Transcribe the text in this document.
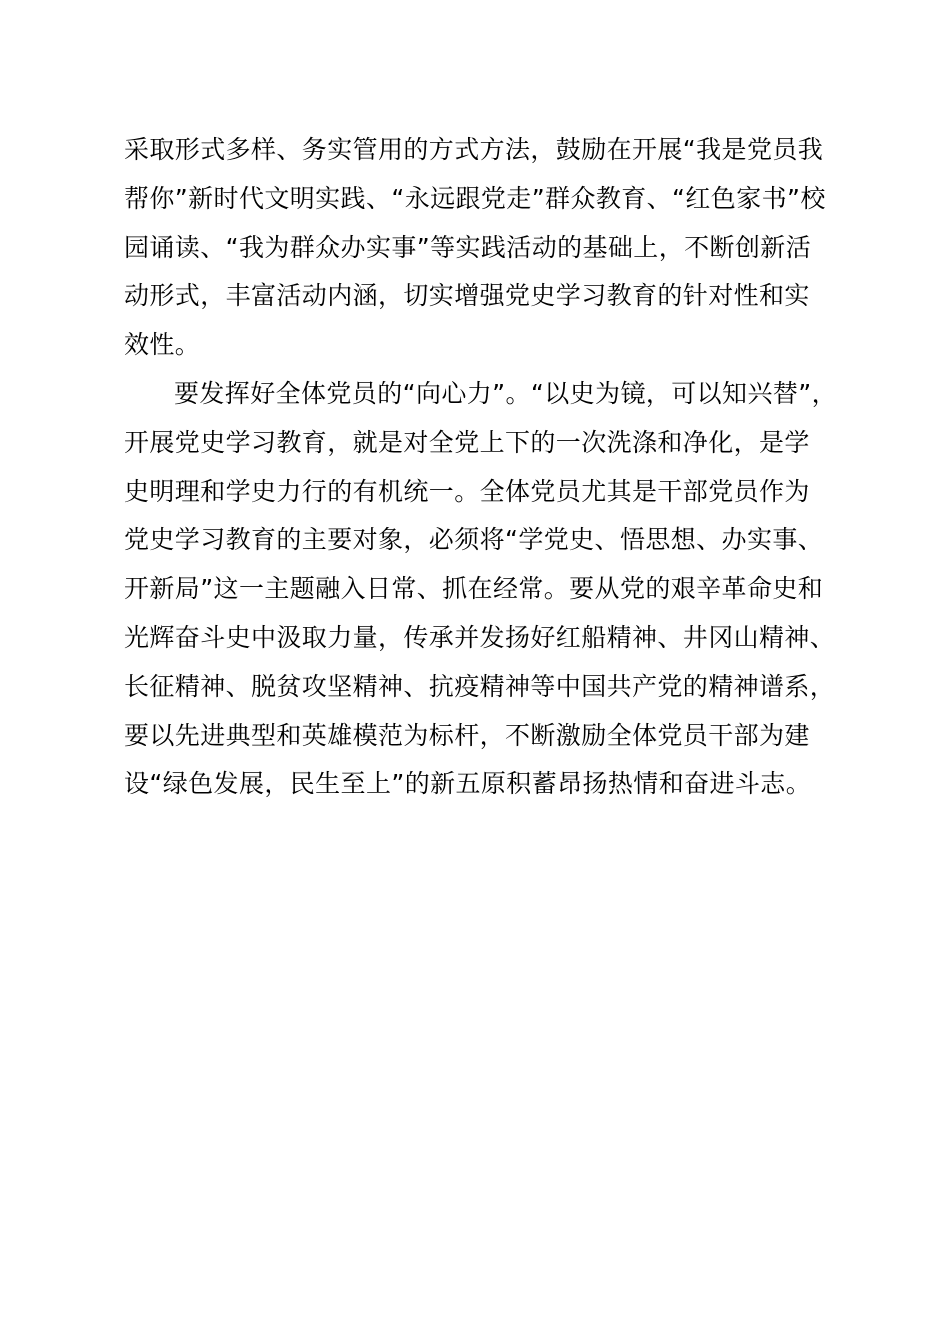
采取形式多样、务实管用的方式方法，鼓励在开展“我是党员我
帮你”新时代文明实践、“永远跟党走”群众教育、“红色家书”校
园诵读、“我为群众办实事”等实践活动的基础上，不断创新活
动形式，丰富活动内涵，切实增强党史学习教育的针对性和实
效性。
要发挥好全体党员的“向心力”。“以史为镜，可以知兴替”，
开展党史学习教育，就是对全党上下的一次洗涤和净化，是学
史明理和学史力行的有机统一。全体党员尤其是干部党员作为
党史学习教育的主要对象，必须将“学党史、悟思想、办实事、
开新局”这一主题融入日常、抓在经常。要从党的艰辛革命史和
光辉奋斗史中汲取力量，传承并发扬好红船精神、井冈山精神、
长征精神、脱贫攻坚精神、抗疫精神等中国共产党的精神谱系，
要以先进典型和英雄模范为标杆，不断激励全体党员干部为建
设“绿色发展，民生至上”的新五原积蓄昂扬热情和奋进斗志。
